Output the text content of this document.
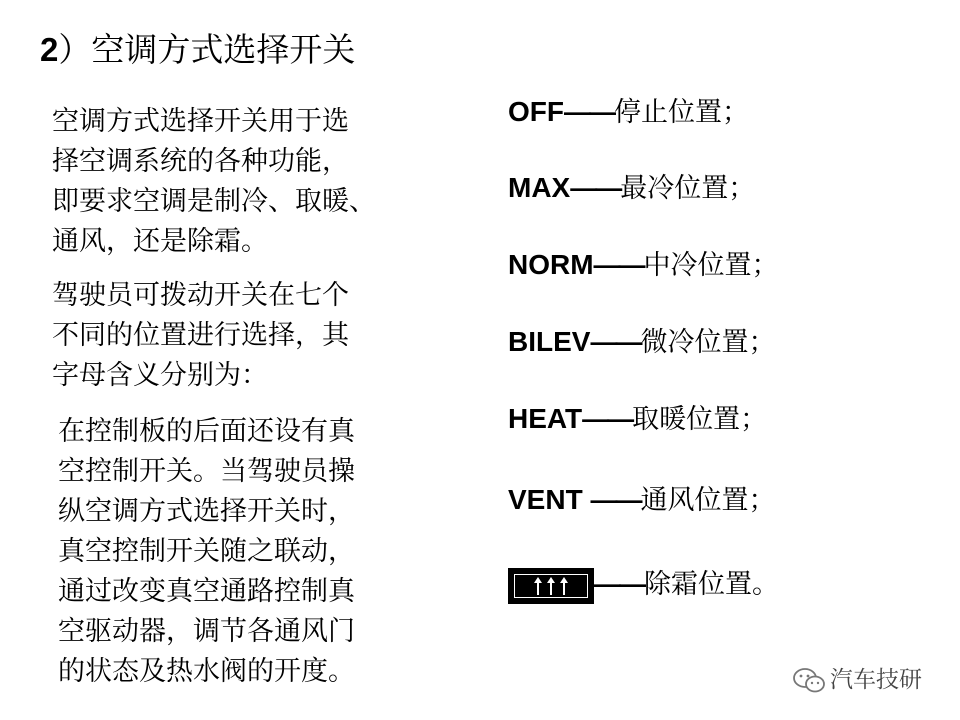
2）空调方式选择开关
空调方式选择开关用于选
择空调系统的各种功能，
即要求空调是制冷、取暖、
通风，还是除霜。
驾驶员可拨动开关在七个
不同的位置进行选择，其
字母含义分别为：
在控制板的后面还设有真
空控制开关。当驾驶员操
纵空调方式选择开关时，
真空控制开关随之联动，
通过改变真空通路控制真
空驱动器，调节各通风门
的状态及热水阀的开度。
OFF——停止位置；
MAX——最冷位置；
NORM——中冷位置；
BILEV——微冷位置；
HEAT——取暖位置；
VENT ——通风位置；
——除霜位置。
汽车技研
